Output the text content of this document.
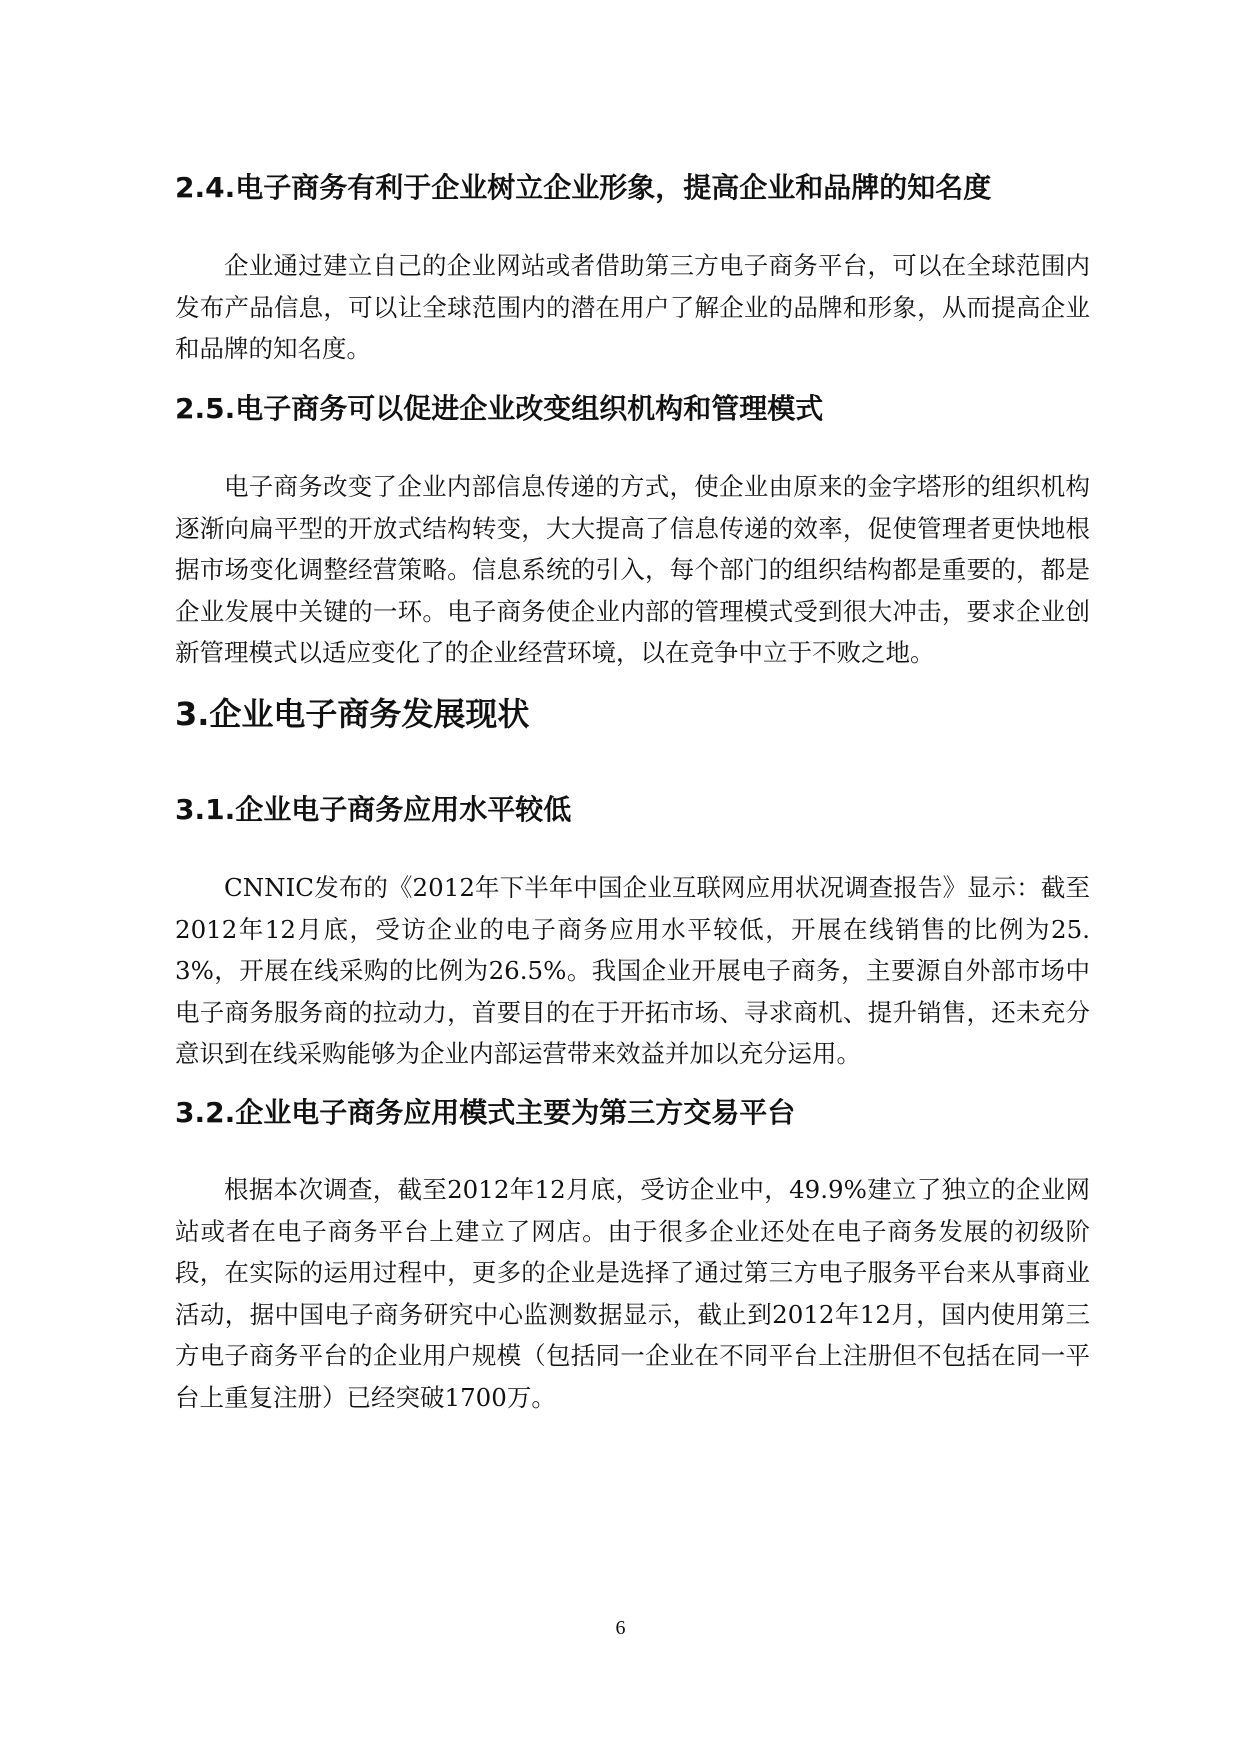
2.4.电子商务有利于企业树立企业形象，提高企业和品牌的知名度

企业通过建立自己的企业网站或者借助第三方电子商务平台，可以在全球范围内发布产品信息，可以让全球范围内的潜在用户了解企业的品牌和形象，从而提高企业和品牌的知名度。

2.5.电子商务可以促进企业改变组织机构和管理模式

电子商务改变了企业内部信息传递的方式，使企业由原来的金字塔形的组织机构逐渐向扁平型的开放式结构转变，大大提高了信息传递的效率，促使管理者更快地根据市场变化调整经营策略。信息系统的引入，每个部门的组织结构都是重要的，都是企业发展中关键的一环。电子商务使企业内部的管理模式受到很大冲击，要求企业创新管理模式以适应变化了的企业经营环境，以在竞争中立于不败之地。

3.企业电子商务发展现状
3.1.企业电子商务应用水平较低

CNNIC发布的《2012年下半年中国企业互联网应用状况调查报告》显示：截至2012年12月底，受访企业的电子商务应用水平较低，开展在线销售的比例为25.3%，开展在线采购的比例为26.5%。我国企业开展电子商务，主要源自外部市场中电子商务服务商的拉动力，首要目的在于开拓市场、寻求商机、提升销售，还未充分意识到在线采购能够为企业内部运营带来效益并加以充分运用。

3.2.企业电子商务应用模式主要为第三方交易平台

根据本次调查，截至2012年12月底，受访企业中，49.9%建立了独立的企业网站或者在电子商务平台上建立了网店。由于很多企业还处在电子商务发展的初级阶段，在实际的运用过程中，更多的企业是选择了通过第三方电子服务平台来从事商业活动，据中国电子商务研究中心监测数据显示，截止到2012年12月，国内使用第三方电子商务平台的企业用户规模（包括同一企业在不同平台上注册但不包括在同一平台上重复注册）已经突破1700万。

6
